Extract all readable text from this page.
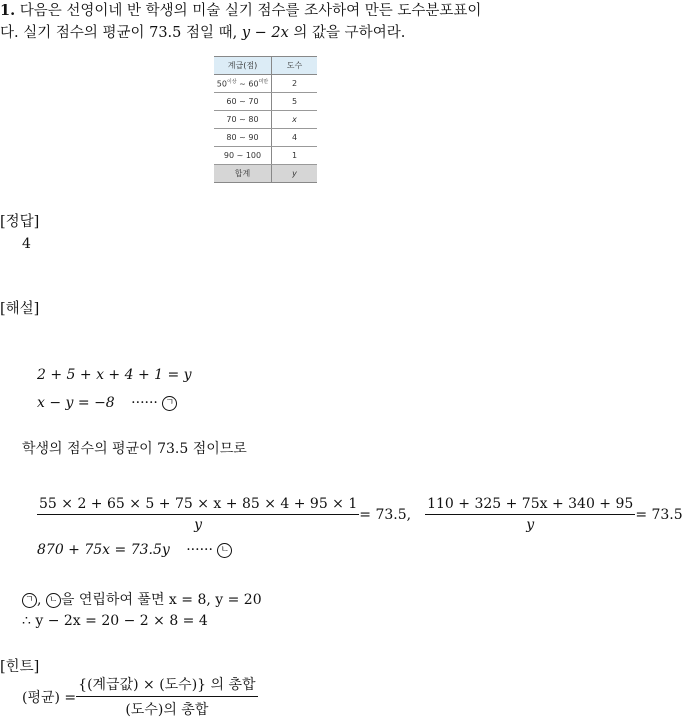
1. 다음은 선영이네 반 학생의 미술 실기 점수를 조사하여 만든 도수분포표이
다. 실기 점수의 평균이 73.5 점일 때, y − 2x 의 값을 구하여라.
계급(점)	도수
$50^{이상}$ ~ $60^{미만}$	2
60 ~ 70	5
70 ~ 80	x
80 ~ 90	4
90 ~ 100	1
합계	y
[정답]
4
[해설]
2 + 5 + x + 4 + 1 = y
x − y = −8 ······ ㄱ
학생의 점수의 평균이 73.5 점이므로
$\frac{55 \times 2 + 65 \times 5 + 75 \times x + 85 \times 4 + 95 \times 1}{y} = 73.5$, $\frac{110 + 325 + 75x + 340 + 95}{y} = 73.5$
870 + 75x = 73.5y ······ ㄴ
ㄱ , ㄴ 을 연립하여 풀면 x = 8, y = 20
∴ y − 2x = 20 − 2 × 8 = 4
[힌트]
(평균) = $\frac{\text{\{(계급값) × (도수)\} 의 총합}}{\text{(도수)의 총합}}$
